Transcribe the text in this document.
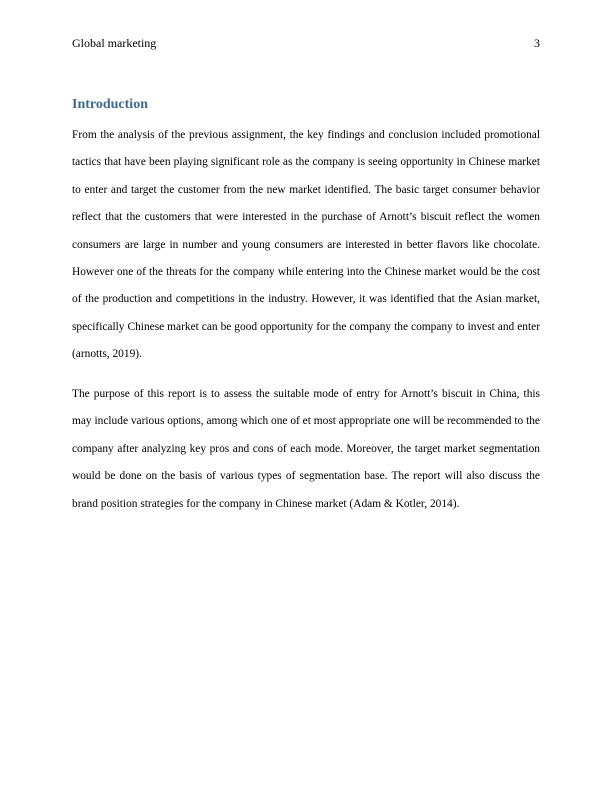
Global marketing	3
Introduction

From the analysis of the previous assignment, the key findings and conclusion included promotional tactics that have been playing significant role as the company is seeing opportunity in Chinese market to enter and target the customer from the new market identified. The basic target consumer behavior reflect that the customers that were interested in the purchase of Arnott’s biscuit reflect the women consumers are large in number and young consumers are interested in better flavors like chocolate. However one of the threats for the company while entering into the Chinese market would be the cost of the production and competitions in the industry. However, it was identified that the Asian market, specifically Chinese market can be good opportunity for the company the company to invest and enter (arnotts, 2019).

The purpose of this report is to assess the suitable mode of entry for Arnott’s biscuit in China, this may include various options, among which one of et most appropriate one will be recommended to the company after analyzing key pros and cons of each mode. Moreover, the target market segmentation would be done on the basis of various types of segmentation base. The report will also discuss the brand position strategies for the company in Chinese market (Adam & Kotler, 2014).
